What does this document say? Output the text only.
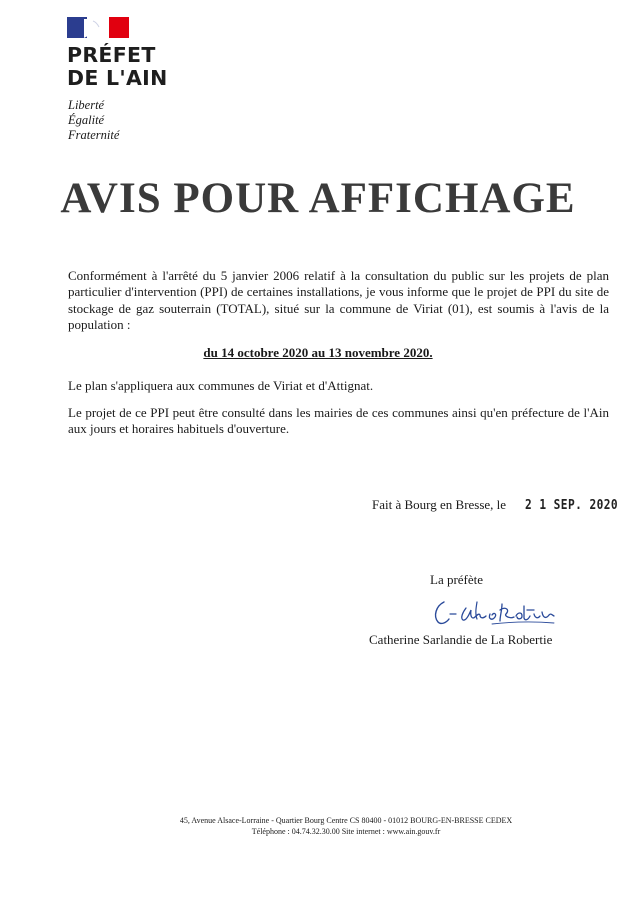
PRÉFET
DE L'AIN
Liberté
Égalité
Fraternité
AVIS POUR AFFICHAGE
Conformément à l'arrêté du 5 janvier 2006 relatif à la consultation du public sur les projets de plan particulier d'intervention (PPI) de certaines installations, je vous informe que le projet de PPI du site de stockage de gaz souterrain (TOTAL), situé sur la commune de Viriat (01), est soumis à l'avis de la population :
du 14 octobre 2020 au 13 novembre 2020.
Le plan s'appliquera aux communes de Viriat et d'Attignat.
Le projet de ce PPI peut être consulté dans les mairies de ces communes ainsi qu'en préfecture de l'Ain aux jours et horaires habituels d'ouverture.
Fait à Bourg en Bresse, le 2 1 SEP. 2020
La préfète
Catherine Sarlandie de La Robertie
45, Avenue Alsace-Lorraine - Quartier Bourg Centre CS 80400 - 01012 BOURG-EN-BRESSE CEDEX
Téléphone : 04.74.32.30.00 Site internet : www.ain.gouv.fr
